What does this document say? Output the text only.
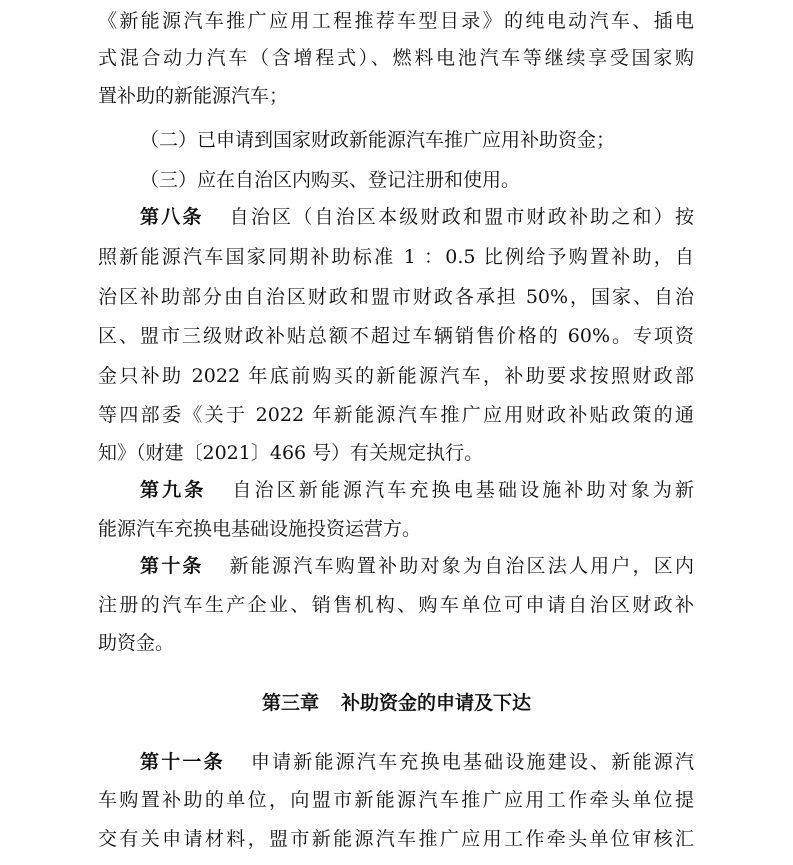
《新能源汽车推广应用工程推荐车型目录》的纯电动汽车、插电
式混合动力汽车（含增程式）、燃料电池汽车等继续享受国家购
置补助的新能源汽车；
（二）已申请到国家财政新能源汽车推广应用补助资金；
（三）应在自治区内购买、登记注册和使用。
第八条 自治区（自治区本级财政和盟市财政补助之和）按
照新能源汽车国家同期补助标准 1 ：0.5 比例给予购置补助，自
治区补助部分由自治区财政和盟市财政各承担 50%，国家、自治
区、盟市三级财政补贴总额不超过车辆销售价格的 60%。专项资
金只补助 2022 年底前购买的新能源汽车，补助要求按照财政部
等四部委《关于 2022 年新能源汽车推广应用财政补贴政策的通
知》（财建〔2021〕466 号）有关规定执行。
第九条 自治区新能源汽车充换电基础设施补助对象为新
能源汽车充换电基础设施投资运营方。
第十条 新能源汽车购置补助对象为自治区法人用户，区内
注册的汽车生产企业、销售机构、购车单位可申请自治区财政补
助资金。
第三章 补助资金的申请及下达
第十一条 申请新能源汽车充换电基础设施建设、新能源汽
车购置补助的单位，向盟市新能源汽车推广应用工作牵头单位提
交有关申请材料，盟市新能源汽车推广应用工作牵头单位审核汇
